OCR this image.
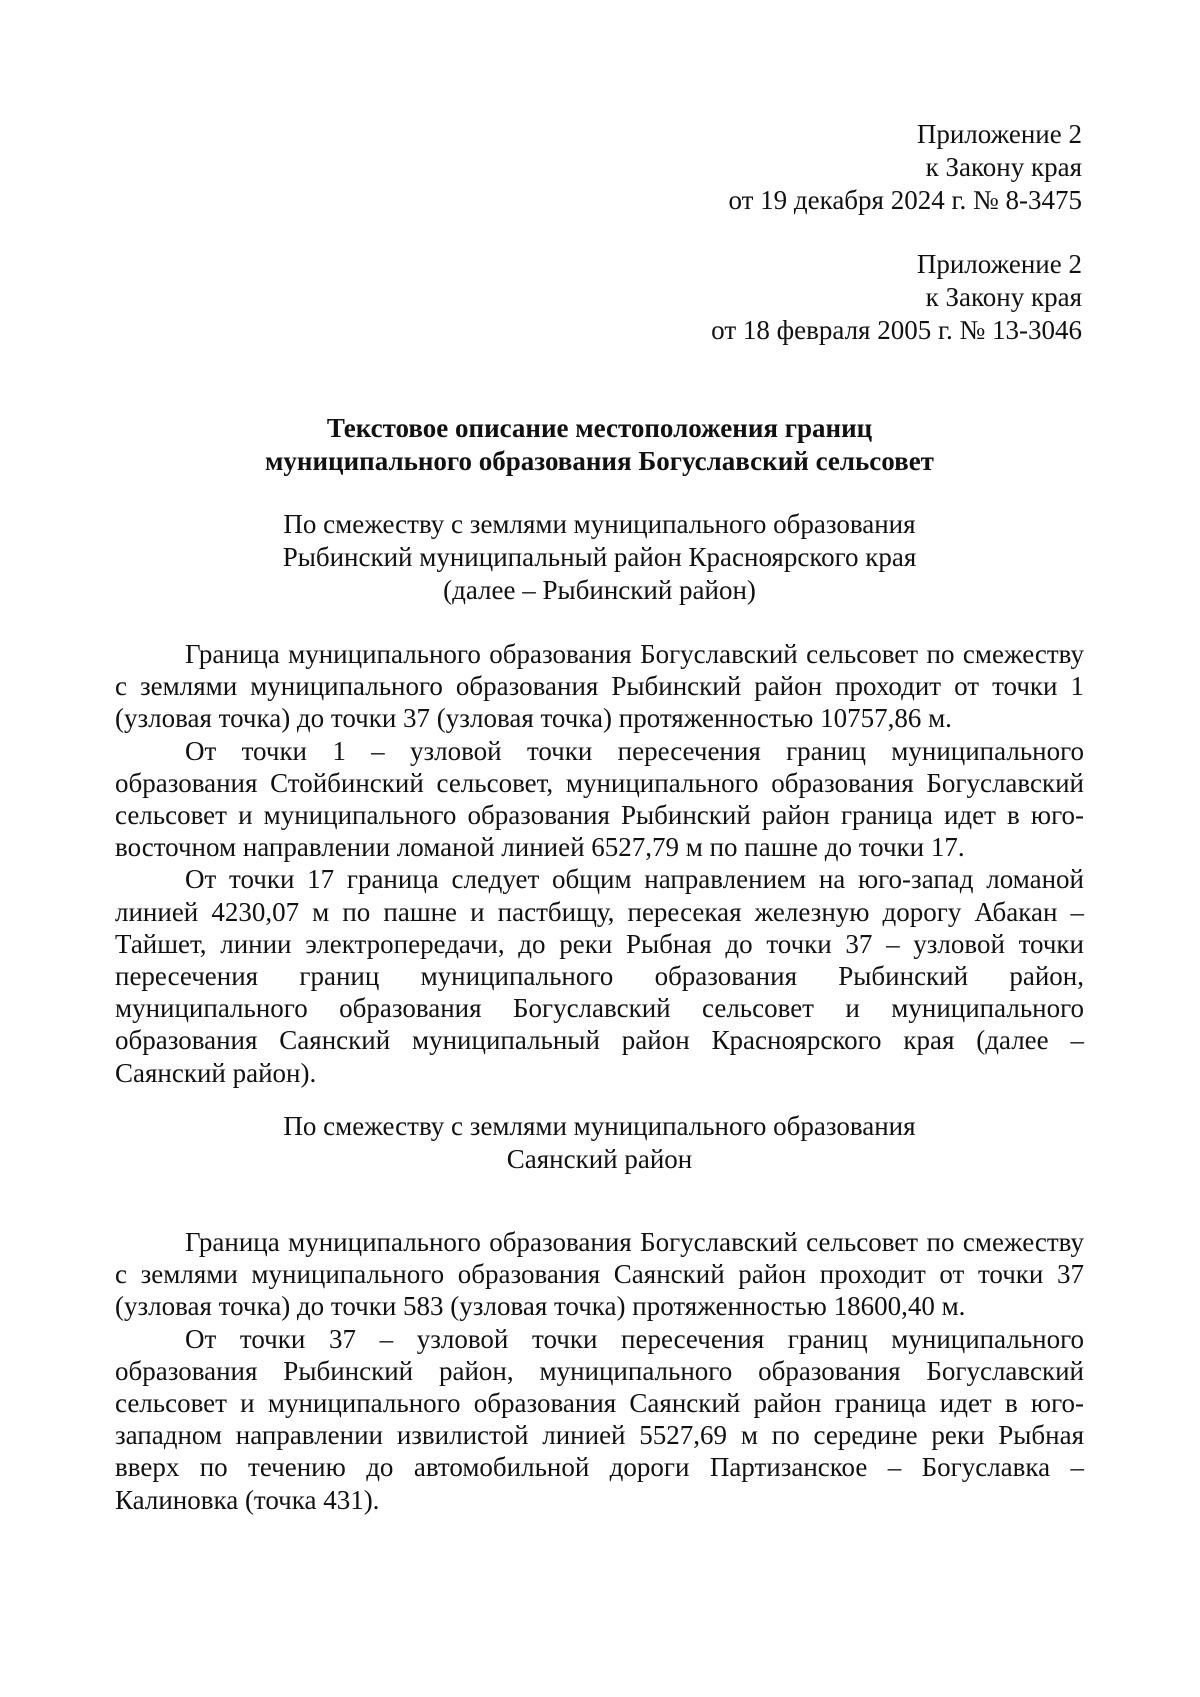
Приложение 2
к Закону края
от 19 декабря 2024 г. № 8-3475
Приложение 2
к Закону края
от 18 февраля 2005 г. № 13-3046
Текстовое описание местоположения границ
муниципального образования Богуславский сельсовет
По смежеству с землями муниципального образования
Рыбинский муниципальный район Красноярского края
(далее – Рыбинский район)

Граница муниципального образования Богуславский сельсовет по смежеству с землями муниципального образования Рыбинский район проходит от точки 1 (узловая точка) до точки 37 (узловая точка) протяженностью 10757,86 м.

От точки 1 – узловой точки пересечения границ муниципального образования Стойбинский сельсовет, муниципального образования Богуславский сельсовет и муниципального образования Рыбинский район граница идет в юго-восточном направлении ломаной линией 6527,79 м по пашне до точки 17.

От точки 17 граница следует общим направлением на юго-запад ломаной линией 4230,07 м по пашне и пастбищу, пересекая железную дорогу Абакан – Тайшет, линии электропередачи, до реки Рыбная до точки 37 – узловой точки пересечения границ муниципального образования Рыбинский район, муниципального образования Богуславский сельсовет и муниципального образования Саянский муниципальный район Красноярского края (далее – Саянский район).

По смежеству с землями муниципального образования
Саянский район

Граница муниципального образования Богуславский сельсовет по смежеству с землями муниципального образования Саянский район проходит от точки 37 (узловая точка) до точки 583 (узловая точка) протяженностью 18600,40 м.

От точки 37 – узловой точки пересечения границ муниципального образования Рыбинский район, муниципального образования Богуславский сельсовет и муниципального образования Саянский район граница идет в юго-западном направлении извилистой линией 5527,69 м по середине реки Рыбная вверх по течению до автомобильной дороги Партизанское – Богуславка – Калиновка (точка 431).
